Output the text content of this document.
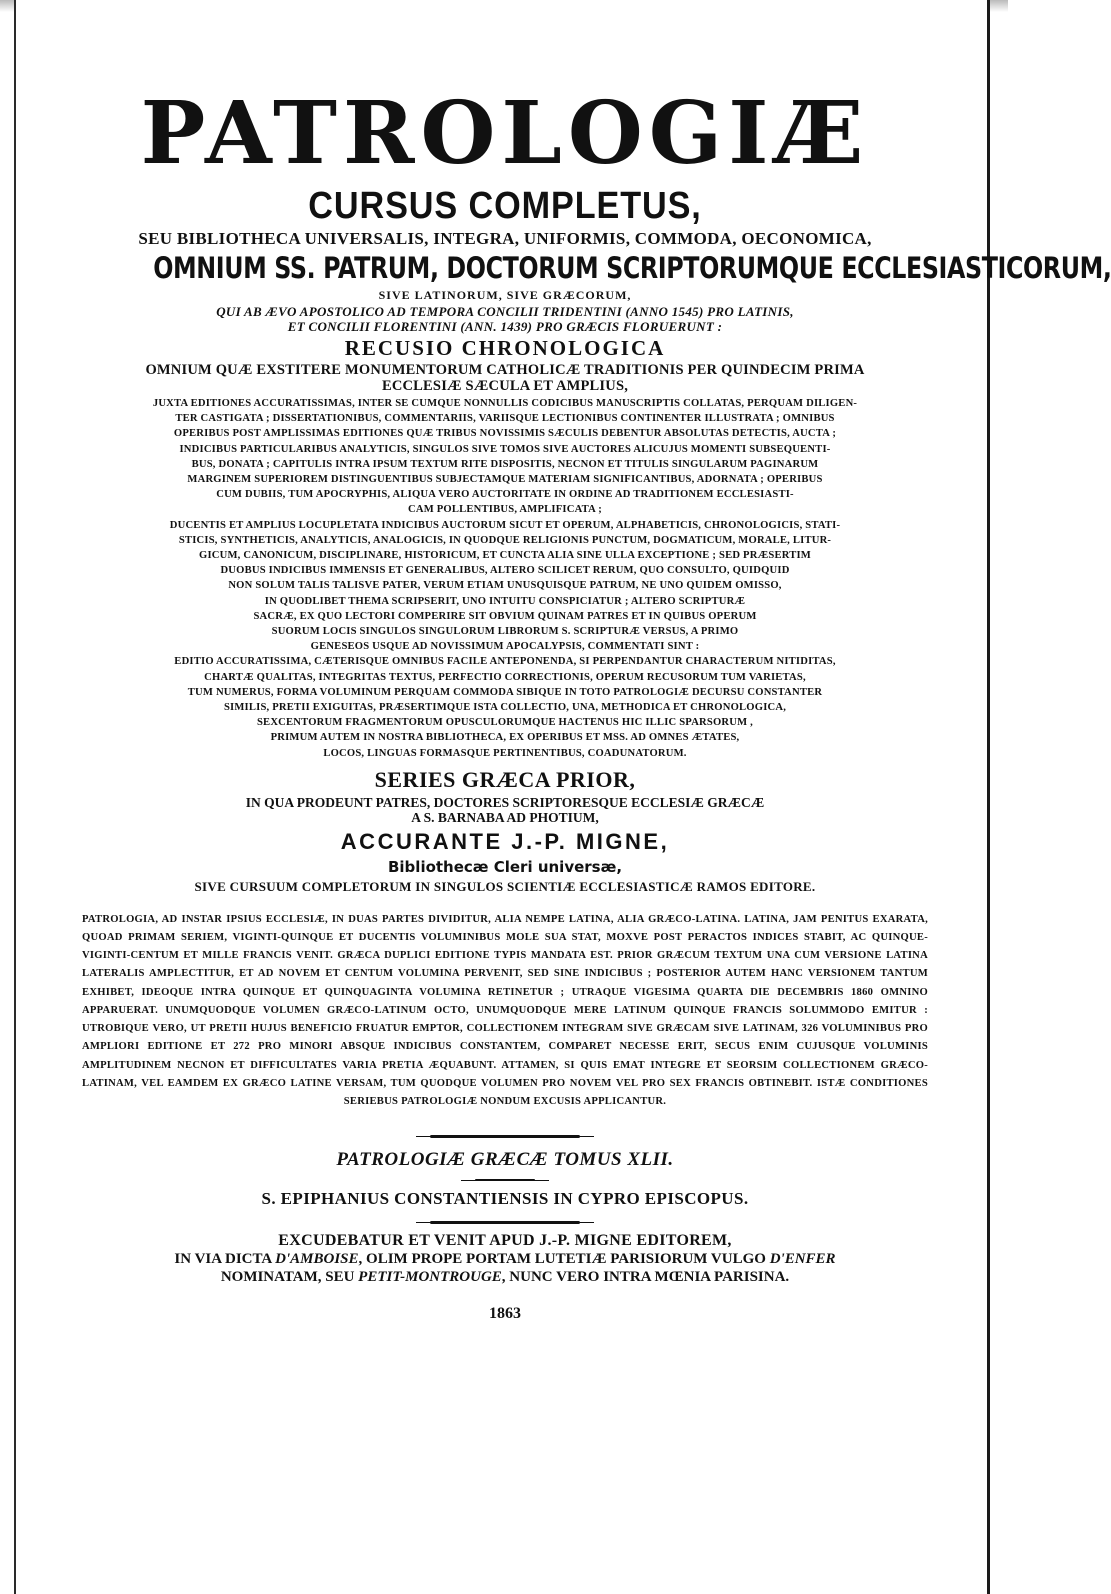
PATROLOGIÆ
CURSUS COMPLETUS,
SEU BIBLIOTHECA UNIVERSALIS, INTEGRA, UNIFORMIS, COMMODA, OECONOMICA,
OMNIUM SS. PATRUM, DOCTORUM SCRIPTORUMQUE ECCLESIASTICORUM,
SIVE LATINORUM, SIVE GRÆCORUM,
QUI AB ÆVO APOSTOLICO AD TEMPORA CONCILII TRIDENTINI (ANNO 1545) PRO LATINIS,
ET CONCILII FLORENTINI (ANN. 1439) PRO GRÆCIS FLORUERUNT :
RECUSIO CHRONOLOGICA
OMNIUM QUÆ EXSTITERE MONUMENTORUM CATHOLICÆ TRADITIONIS PER QUINDECIM PRIMA
ECCLESIÆ SÆCULA ET AMPLIUS,
JUXTA EDITIONES ACCURATISSIMAS, INTER SE CUMQUE NONNULLIS CODICIBUS MANUSCRIPTIS COLLATAS, PERQUAM DILIGEN-
TER CASTIGATA ; DISSERTATIONIBUS, COMMENTARIIS, VARIISQUE LECTIONIBUS CONTINENTER ILLUSTRATA ; OMNIBUS
OPERIBUS POST AMPLISSIMAS EDITIONES QUÆ TRIBUS NOVISSIMIS SÆCULIS DEBENTUR ABSOLUTAS DETECTIS, AUCTA ;
INDICIBUS PARTICULARIBUS ANALYTICIS, SINGULOS SIVE TOMOS SIVE AUCTORES ALICUJUS MOMENTI SUBSEQUENTI-
BUS, DONATA ; CAPITULIS INTRA IPSUM TEXTUM RITE DISPOSITIS, NECNON ET TITULIS SINGULARUM PAGINARUM
MARGINEM SUPERIOREM DISTINGUENTIBUS SUBJECTAMQUE MATERIAM SIGNIFICANTIBUS, ADORNATA ; OPERIBUS
CUM DUBIIS, TUM APOCRYPHIS, ALIQUA VERO AUCTORITATE IN ORDINE AD TRADITIONEM ECCLESIASTI-
CAM POLLENTIBUS, AMPLIFICATA ;
DUCENTIS ET AMPLIUS LOCUPLETATA INDICIBUS AUCTORUM SICUT ET OPERUM, ALPHABETICIS, CHRONOLOGICIS, STATI-
STICIS, SYNTHETICIS, ANALYTICIS, ANALOGICIS, IN QUODQUE RELIGIONIS PUNCTUM, DOGMATICUM, MORALE, LITUR-
GICUM, CANONICUM, DISCIPLINARE, HISTORICUM, ET CUNCTA ALIA SINE ULLA EXCEPTIONE ; SED PRÆSERTIM
DUOBUS INDICIBUS IMMENSIS ET GENERALIBUS, ALTERO SCILICET RERUM, QUO CONSULTO, QUIDQUID
NON SOLUM TALIS TALISVE PATER, VERUM ETIAM UNUSQUISQUE PATRUM, NE UNO QUIDEM OMISSO,
IN QUODLIBET THEMA SCRIPSERIT, UNO INTUITU CONSPICIATUR ; ALTERO SCRIPTURÆ
SACRÆ, EX QUO LECTORI COMPERIRE SIT OBVIUM QUINAM PATRES ET IN QUIBUS OPERUM
SUORUM LOCIS SINGULOS SINGULORUM LIBRORUM S. SCRIPTURÆ VERSUS, A PRIMO
GENESEOS USQUE AD NOVISSIMUM APOCALYPSIS, COMMENTATI SINT :
EDITIO ACCURATISSIMA, CÆTERISQUE OMNIBUS FACILE ANTEPONENDA, SI PERPENDANTUR CHARACTERUM NITIDITAS,
CHARTÆ QUALITAS, INTEGRITAS TEXTUS, PERFECTIO CORRECTIONIS, OPERUM RECUSORUM TUM VARIETAS,
TUM NUMERUS, FORMA VOLUMINUM PERQUAM COMMODA SIBIQUE IN TOTO PATROLOGIÆ DECURSU CONSTANTER
SIMILIS, PRETII EXIGUITAS, PRÆSERTIMQUE ISTA COLLECTIO, UNA, METHODICA ET CHRONOLOGICA,
SEXCENTORUM FRAGMENTORUM OPUSCULORUMQUE HACTENUS HIC ILLIC SPARSORUM ,
PRIMUM AUTEM IN NOSTRA BIBLIOTHECA, EX OPERIBUS ET MSS. AD OMNES ÆTATES,
LOCOS, LINGUAS FORMASQUE PERTINENTIBUS, COADUNATORUM.
SERIES GRÆCA PRIOR,
IN QUA PRODEUNT PATRES, DOCTORES SCRIPTORESQUE ECCLESIÆ GRÆCÆ
A S. BARNABA AD PHOTIUM,
ACCURANTE J.-P. MIGNE,
Bibliothecæ Cleri universæ,
SIVE CURSUUM COMPLETORUM IN SINGULOS SCIENTIÆ ECCLESIASTICÆ RAMOS EDITORE.
PATROLOGIA, AD INSTAR IPSIUS ECCLESIÆ, IN DUAS PARTES DIVIDITUR, ALIA NEMPE LATINA, ALIA GRÆCO-LATINA. LATINA, JAM PENITUS EXARATA, QUOAD PRIMAM SERIEM, VIGINTI-QUINQUE ET DUCENTIS VOLUMINIBUS MOLE SUA STAT, MOXVE POST PERACTOS INDICES STABIT, AC QUINQUE-VIGINTI-CENTUM ET MILLE FRANCIS VENIT. GRÆCA DUPLICI EDITIONE TYPIS MANDATA EST. PRIOR GRÆCUM TEXTUM UNA CUM VERSIONE LATINA LATERALIS AMPLECTITUR, ET AD NOVEM ET CENTUM VOLUMINA PERVENIT, SED SINE INDICIBUS ; POSTERIOR AUTEM HANC VERSIONEM TANTUM EXHIBET, IDEOQUE INTRA QUINQUE ET QUINQUAGINTA VOLUMINA RETINETUR ; UTRAQUE VIGESIMA QUARTA DIE DECEMBRIS 1860 OMNINO APPARUERAT. UNUMQUODQUE VOLUMEN GRÆCO-LATINUM OCTO, UNUMQUODQUE MERE LATINUM QUINQUE FRANCIS SOLUMMODO EMITUR : UTROBIQUE VERO, UT PRETII HUJUS BENEFICIO FRUATUR EMPTOR, COLLECTIONEM INTEGRAM SIVE GRÆCAM SIVE LATINAM, 326 VOLUMINIBUS PRO AMPLIORI EDITIONE ET 272 PRO MINORI ABSQUE INDICIBUS CONSTANTEM, COMPARET NECESSE ERIT, SECUS ENIM CUJUSQUE VOLUMINIS AMPLITUDINEM NECNON ET DIFFICULTATES VARIA PRETIA ÆQUABUNT. ATTAMEN, SI QUIS EMAT INTEGRE ET SEORSIM COLLECTIONEM GRÆCO-LATINAM, VEL EAMDEM EX GRÆCO LATINE VERSAM, TUM QUODQUE VOLUMEN PRO NOVEM VEL PRO SEX FRANCIS OBTINEBIT. ISTÆ CONDITIONES SERIEBUS PATROLOGIÆ NONDUM EXCUSIS APPLICANTUR.
PATROLOGIÆ GRÆCÆ TOMUS XLII.
S. EPIPHANIUS CONSTANTIENSIS IN CYPRO EPISCOPUS.
EXCUDEBATUR ET VENIT APUD J.-P. MIGNE EDITOREM,
IN VIA DICTA D'AMBOISE, OLIM PROPE PORTAM LUTETIÆ PARISIORUM VULGO D'ENFER
NOMINATAM, SEU PETIT-MONTROUGE, NUNC VERO INTRA MŒNIA PARISINA.
1863
